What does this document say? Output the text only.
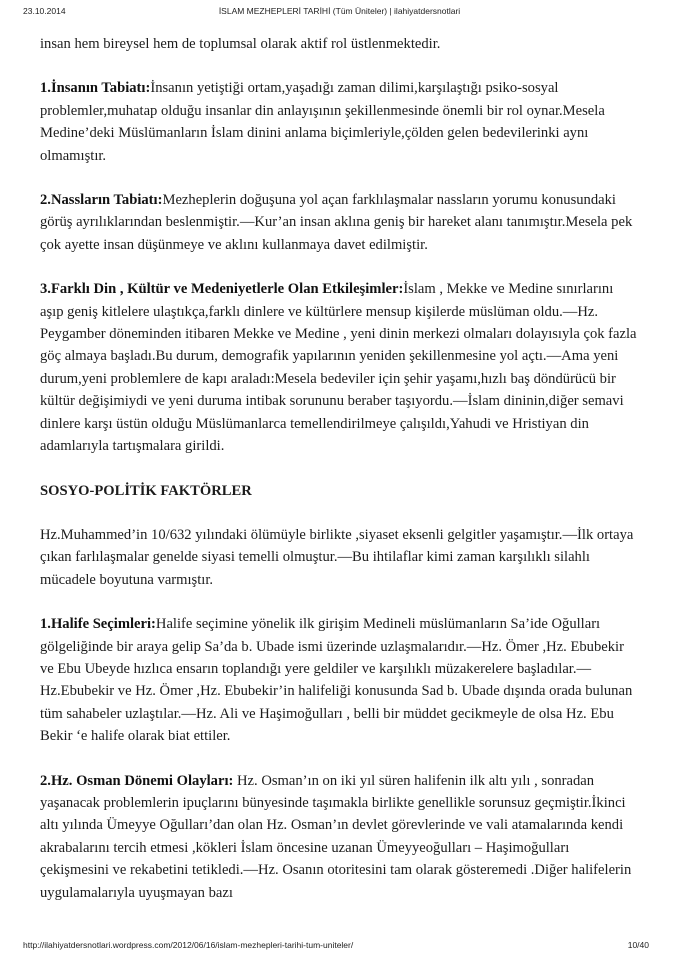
23.10.2014	İSLAM MEZHEPLERİ TARİHİ (Tüm Üniteler) | ilahiyatdersnotlari

insan hem bireysel hem de toplumsal olarak aktif rol üstlenmektedir.

1.İnsanın Tabiatı:İnsanın yetiştiği ortam,yaşadığı zaman dilimi,karşılaştığı psiko-sosyal problemler,muhatap olduğu insanlar din anlayışının şekillenmesinde önemli bir rol oynar.Mesela Medine’deki Müslümanların İslam dinini anlama biçimleriyle,çölden gelen bedevilerinki aynı olmamıştır.

2.Nassların Tabiatı:Mezheplerin doğuşuna yol açan farklılaşmalar nassların yorumu konusundaki görüş ayrılıklarından beslenmiştir.—Kur’an insan aklına geniş bir hareket alanı tanımıştır.Mesela pek çok ayette insan düşünmeye ve aklını kullanmaya davet edilmiştir.

3.Farklı Din , Kültür ve Medeniyetlerle Olan Etkileşimler:İslam , Mekke ve Medine sınırlarını aşıp geniş kitlelere ulaştıkça,farklı dinlere ve kültürlere mensup kişilerde müslüman oldu.—Hz. Peygamber döneminden itibaren Mekke ve Medine , yeni dinin merkezi olmaları dolayısıyla çok fazla göç almaya başladı.Bu durum, demografik yapılarının yeniden şekillenmesine yol açtı.—Ama yeni durum,yeni problemlere de kapı araladı:Mesela bedeviler için şehir yaşamı,hızlı baş döndürücü bir kültür değişimiydi ve yeni duruma intibak sorununu beraber taşıyordu.—İslam dininin,diğer semavi dinlere karşı üstün olduğu Müslümanlarca temellendirilmeye çalışıldı,Yahudi ve Hristiyan din adamlarıyla tartışmalara girildi.

SOSYO-POLİTİK FAKTÖRLER

Hz.Muhammed’in 10/632 yılındaki ölümüyle birlikte ,siyaset eksenli gelgitler yaşamıştır.—İlk ortaya çıkan farlılaşmalar genelde siyasi temelli olmuştur.—Bu ihtilaflar kimi zaman karşılıklı silahlı mücadele boyutuna varmıştır.

1.Halife Seçimleri:Halife seçimine yönelik ilk girişim Medineli müslümanların Sa’ide Oğulları gölgeliğinde bir araya gelip Sa’da b. Ubade ismi üzerinde uzlaşmalarıdır.—Hz. Ömer ,Hz. Ebubekir ve Ebu Ubeyde hızlıca ensarın toplandığı yere geldiler ve karşılıklı müzakerelere başladılar.—Hz.Ebubekir ve Hz. Ömer ,Hz. Ebubekir’in halifeliği konusunda Sad b. Ubade dışında orada bulunan tüm sahabeler uzlaştılar.—Hz. Ali ve Haşimoğulları , belli bir müddet gecikmeyle de olsa Hz. Ebu Bekir ‘e halife olarak biat ettiler.

2.Hz. Osman Dönemi Olayları: Hz. Osman’ın on iki yıl süren halifenin ilk altı yılı , sonradan yaşanacak problemlerin ipuçlarını bünyesinde taşımakla birlikte genellikle sorunsuz geçmiştir.İkinci altı yılında Ümeyye Oğulları’dan olan Hz. Osman’ın devlet görevlerinde ve vali atamalarında kendi akrabalarını tercih etmesi ,kökleri İslam öncesine uzanan Ümeyyeoğulları – Haşimoğulları çekişmesini ve rekabetini tetikledi.—Hz. Osanın otoritesini tam olarak gösteremedi .Diğer halifelerin uygulamalarıyla uyuşmayan bazı

http://ilahiyatdersnotlari.wordpress.com/2012/06/16/islam-mezhepleri-tarihi-tum-uniteler/	10/40
